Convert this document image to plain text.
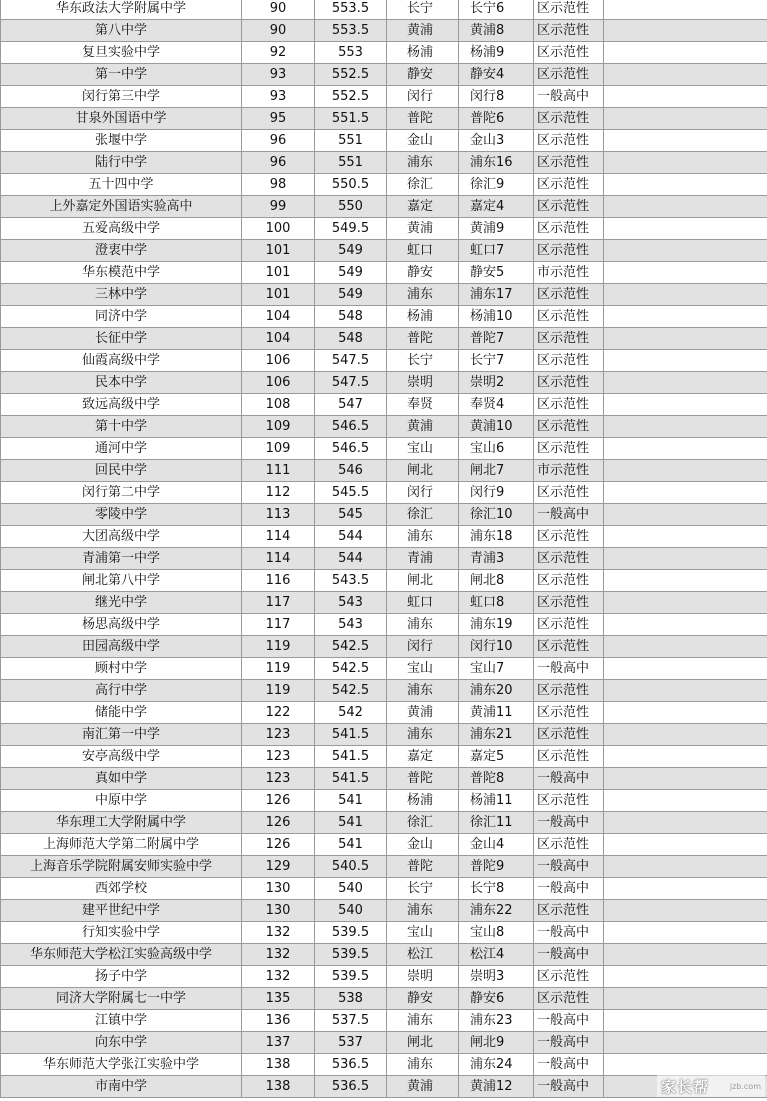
华东政法大学附属中学	90	553.5	长宁	长宁6	区示范性	
第八中学	90	553.5	黄浦	黄浦8	区示范性	
复旦实验中学	92	553	杨浦	杨浦9	区示范性	
第一中学	93	552.5	静安	静安4	区示范性	
闵行第三中学	93	552.5	闵行	闵行8	一般高中	
甘泉外国语中学	95	551.5	普陀	普陀6	区示范性	
张堰中学	96	551	金山	金山3	区示范性	
陆行中学	96	551	浦东	浦东16	区示范性	
五十四中学	98	550.5	徐汇	徐汇9	区示范性	
上外嘉定外国语实验高中	99	550	嘉定	嘉定4	区示范性	
五爱高级中学	100	549.5	黄浦	黄浦9	区示范性	
澄衷中学	101	549	虹口	虹口7	区示范性	
华东模范中学	101	549	静安	静安5	市示范性	
三林中学	101	549	浦东	浦东17	区示范性	
同济中学	104	548	杨浦	杨浦10	区示范性	
长征中学	104	548	普陀	普陀7	区示范性	
仙霞高级中学	106	547.5	长宁	长宁7	区示范性	
民本中学	106	547.5	崇明	崇明2	区示范性	
致远高级中学	108	547	奉贤	奉贤4	区示范性	
第十中学	109	546.5	黄浦	黄浦10	区示范性	
通河中学	109	546.5	宝山	宝山6	区示范性	
回民中学	111	546	闸北	闸北7	市示范性	
闵行第二中学	112	545.5	闵行	闵行9	区示范性	
零陵中学	113	545	徐汇	徐汇10	一般高中	
大团高级中学	114	544	浦东	浦东18	区示范性	
青浦第一中学	114	544	青浦	青浦3	区示范性	
闸北第八中学	116	543.5	闸北	闸北8	区示范性	
继光中学	117	543	虹口	虹口8	区示范性	
杨思高级中学	117	543	浦东	浦东19	区示范性	
田园高级中学	119	542.5	闵行	闵行10	区示范性	
顾村中学	119	542.5	宝山	宝山7	一般高中	
高行中学	119	542.5	浦东	浦东20	区示范性	
储能中学	122	542	黄浦	黄浦11	区示范性	
南汇第一中学	123	541.5	浦东	浦东21	区示范性	
安亭高级中学	123	541.5	嘉定	嘉定5	区示范性	
真如中学	123	541.5	普陀	普陀8	一般高中	
中原中学	126	541	杨浦	杨浦11	区示范性	
华东理工大学附属中学	126	541	徐汇	徐汇11	一般高中	
上海师范大学第二附属中学	126	541	金山	金山4	区示范性	
上海音乐学院附属安师实验中学	129	540.5	普陀	普陀9	一般高中	
西郊学校	130	540	长宁	长宁8	一般高中	
建平世纪中学	130	540	浦东	浦东22	区示范性	
行知实验中学	132	539.5	宝山	宝山8	一般高中	
华东师范大学松江实验高级中学	132	539.5	松江	松江4	一般高中	
扬子中学	132	539.5	崇明	崇明3	区示范性	
同济大学附属七一中学	135	538	静安	静安6	区示范性	
江镇中学	136	537.5	浦东	浦东23	一般高中	
向东中学	137	537	闸北	闸北9	一般高中	
华东师范大学张江实验中学	138	536.5	浦东	浦东24	一般高中	
市南中学	138	536.5	黄浦	黄浦12	一般高中		家长帮	jzb.com
